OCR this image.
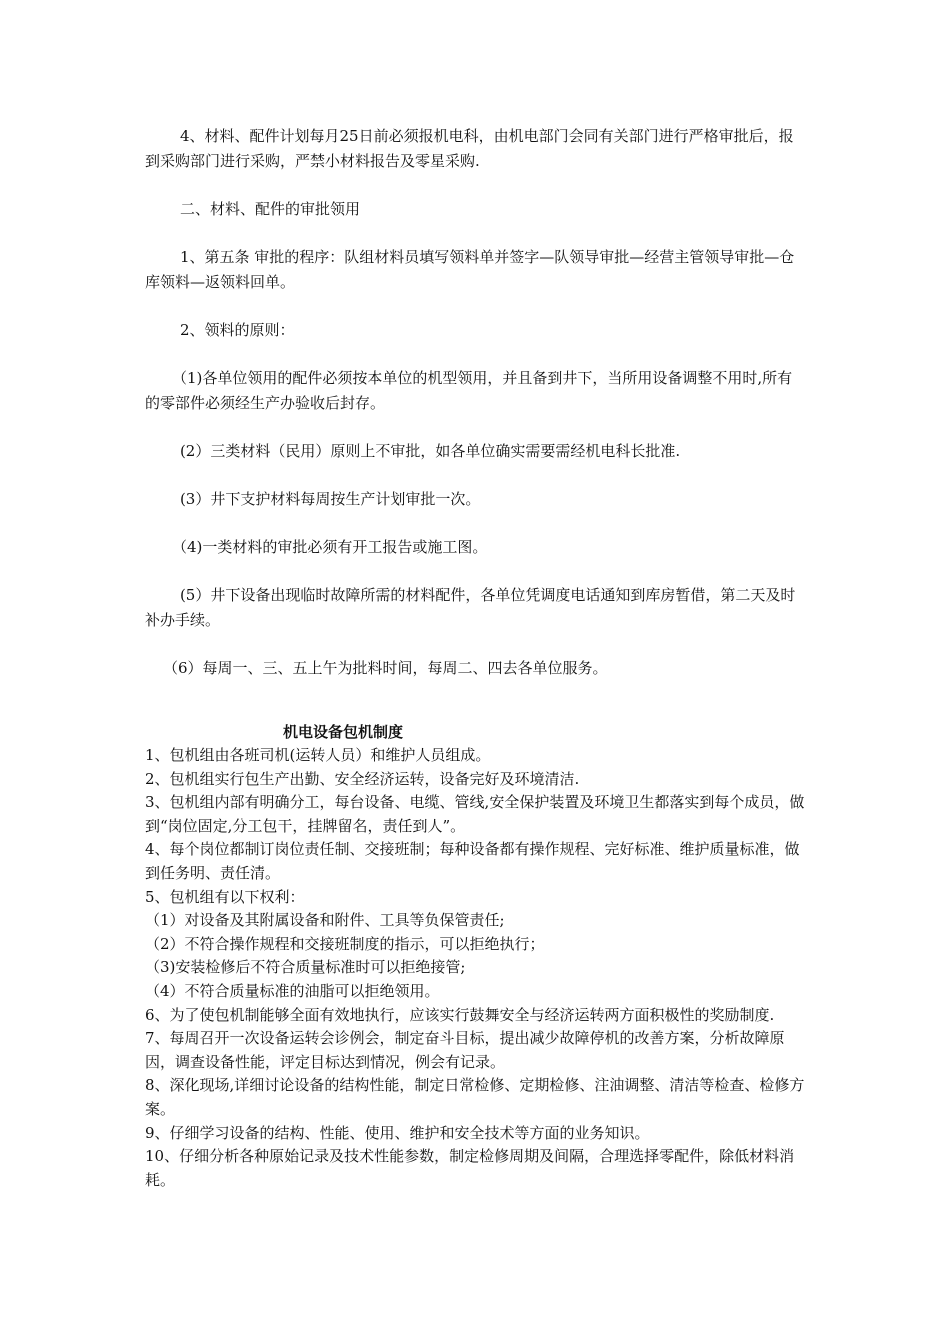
4、材料、配件计划每月25日前必须报机电科，由机电部门会同有关部门进行严格审批后，报到采购部门进行采购，严禁小材料报告及零星采购.

二、材料、配件的审批领用

1、第五条 审批的程序：队组材料员填写领料单并签字—队领导审批—经营主管领导审批—仓库领料—返领料回单。

2、领料的原则：

（1)各单位领用的配件必须按本单位的机型领用，并且备到井下，当所用设备调整不用时,所有的零部件必须经生产办验收后封存。

(2）三类材料（民用）原则上不审批，如各单位确实需要需经机电科长批准.

(3）井下支护材料每周按生产计划审批一次。

（4)一类材料的审批必须有开工报告或施工图。

(5）井下设备出现临时故障所需的材料配件，各单位凭调度电话通知到库房暂借，第二天及时补办手续。

（6）每周一、三、五上午为批料时间，每周二、四去各单位服务。

机电设备包机制度

1、包机组由各班司机(运转人员）和维护人员组成。

2、包机组实行包生产出勤、安全经济运转，设备完好及环境清洁.

3、包机组内部有明确分工，每台设备、电缆、管线,安全保护装置及环境卫生都落实到每个成员，做到“岗位固定,分工包干，挂牌留名，责任到人”。

4、每个岗位都制订岗位责任制、交接班制；每种设备都有操作规程、完好标准、维护质量标准，做到任务明、责任清。

5、包机组有以下权利：

（1）对设备及其附属设备和附件、工具等负保管责任;

（2）不符合操作规程和交接班制度的指示，可以拒绝执行；

（3)安装检修后不符合质量标准时可以拒绝接管;

（4）不符合质量标准的油脂可以拒绝领用。

6、为了使包机制能够全面有效地执行，应该实行鼓舞安全与经济运转两方面积极性的奖励制度.

7、每周召开一次设备运转会诊例会，制定奋斗目标，提出减少故障停机的改善方案，分析故障原因，调查设备性能，评定目标达到情况，例会有记录。

8、深化现场,详细讨论设备的结构性能，制定日常检修、定期检修、注油调整、清洁等检查、检修方案。

9、仔细学习设备的结构、性能、使用、维护和安全技术等方面的业务知识。

10、仔细分析各种原始记录及技术性能参数，制定检修周期及间隔，合理选择零配件，除低材料消耗。
